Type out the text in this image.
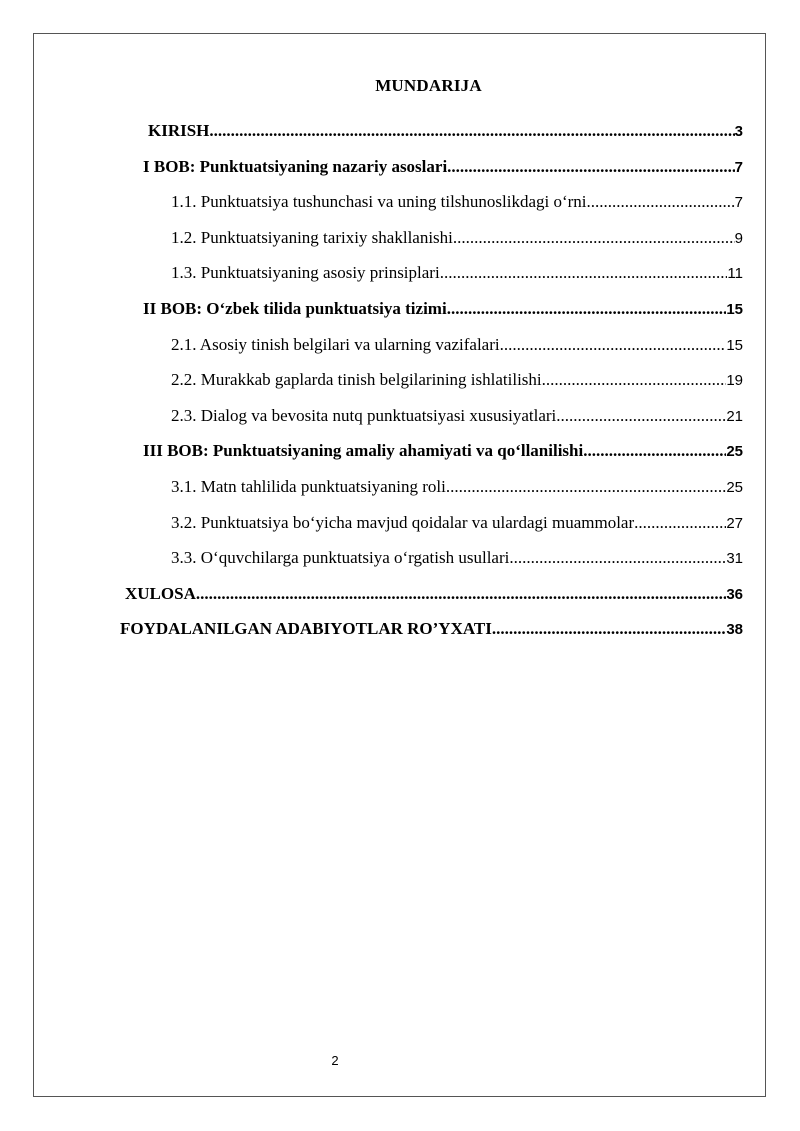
MUNDARIJA
KIRISH .....	3
I BOB: Punktuatsiyaning nazariy asoslari .....	7
1.1. Punktuatsiya tushunchasi va uning tilshunoslikdagi o‘rni .....	7
1.2. Punktuatsiyaning tarixiy shakllanishi .....	9
1.3. Punktuatsiyaning asosiy prinsiplari .....	11
II BOB: O‘zbek tilida punktuatsiya tizimi .....	15
2.1. Asosiy tinish belgilari va ularning vazifalari .....	15
2.2. Murakkab gaplarda tinish belgilarining ishlatilishi .....	19
2.3. Dialog va bevosita nutq punktuatsiyasi xususiyatlari .....	21
III BOB: Punktuatsiyaning amaliy ahamiyati va qo‘llanilishi .....	25
3.1. Matn tahlilida punktuatsiyaning roli .....	25
3.2. Punktuatsiya bo‘yicha mavjud qoidalar va ulardagi muammolar .....	27
3.3. O‘quvchilarga punktuatsiya o‘rgatish usullari .....	31
XULOSA .....	36
FOYDALANILGAN ADABIYOTLAR RO’YXATI .....	38
2
